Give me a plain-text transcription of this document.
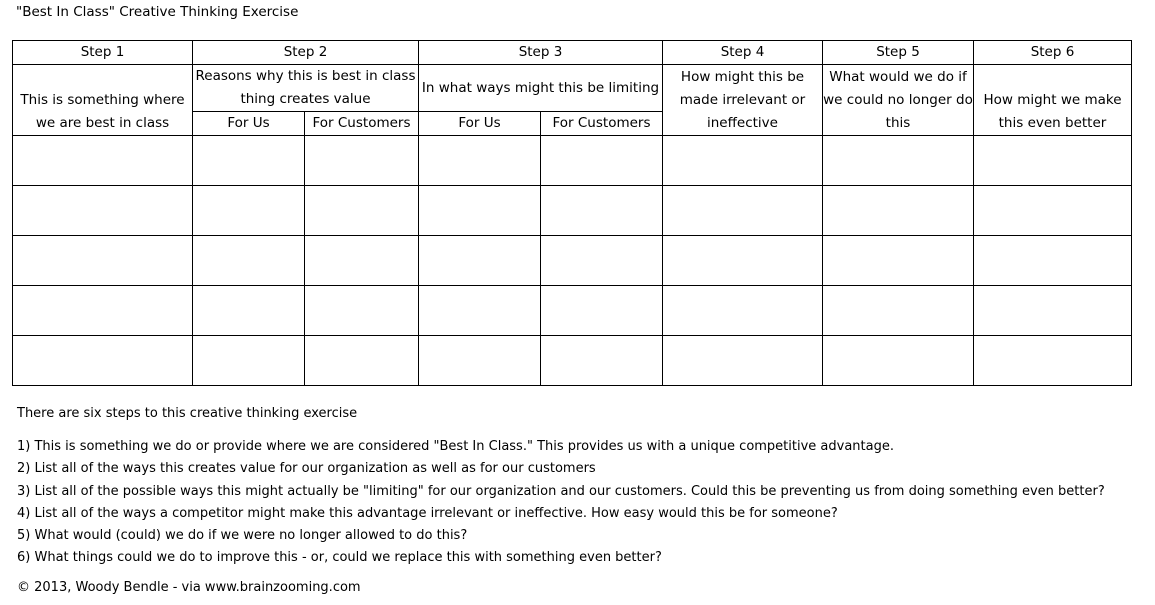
"Best In Class" Creative Thinking Exercise
Step 1	Step 2		Step 3		Step 4	Step 5	Step 6
This is something where we are best in class	Reasons why this is best in class thing creates value		In what ways might this be limiting		How might this be made irrelevant or ineffective	What would we do if we could no longer do this	How might we make this even better
	For Us	For Customers	For Us	For Customers			

There are six steps to this creative thinking exercise
1) This is something we do or provide where we are considered "Best In Class." This provides us with a unique competitive advantage.
2) List all of the ways this creates value for our organization as well as for our customers
3) List all of the possible ways this might actually be "limiting" for our organization and our customers. Could this be preventing us from doing something even better?
4) List all of the ways a competitor might make this advantage irrelevant or ineffective. How easy would this be for someone?
5) What would (could) we do if we were no longer allowed to do this?
6) What things could we do to improve this - or, could we replace this with something even better?
© 2013, Woody Bendle - via www.brainzooming.com
